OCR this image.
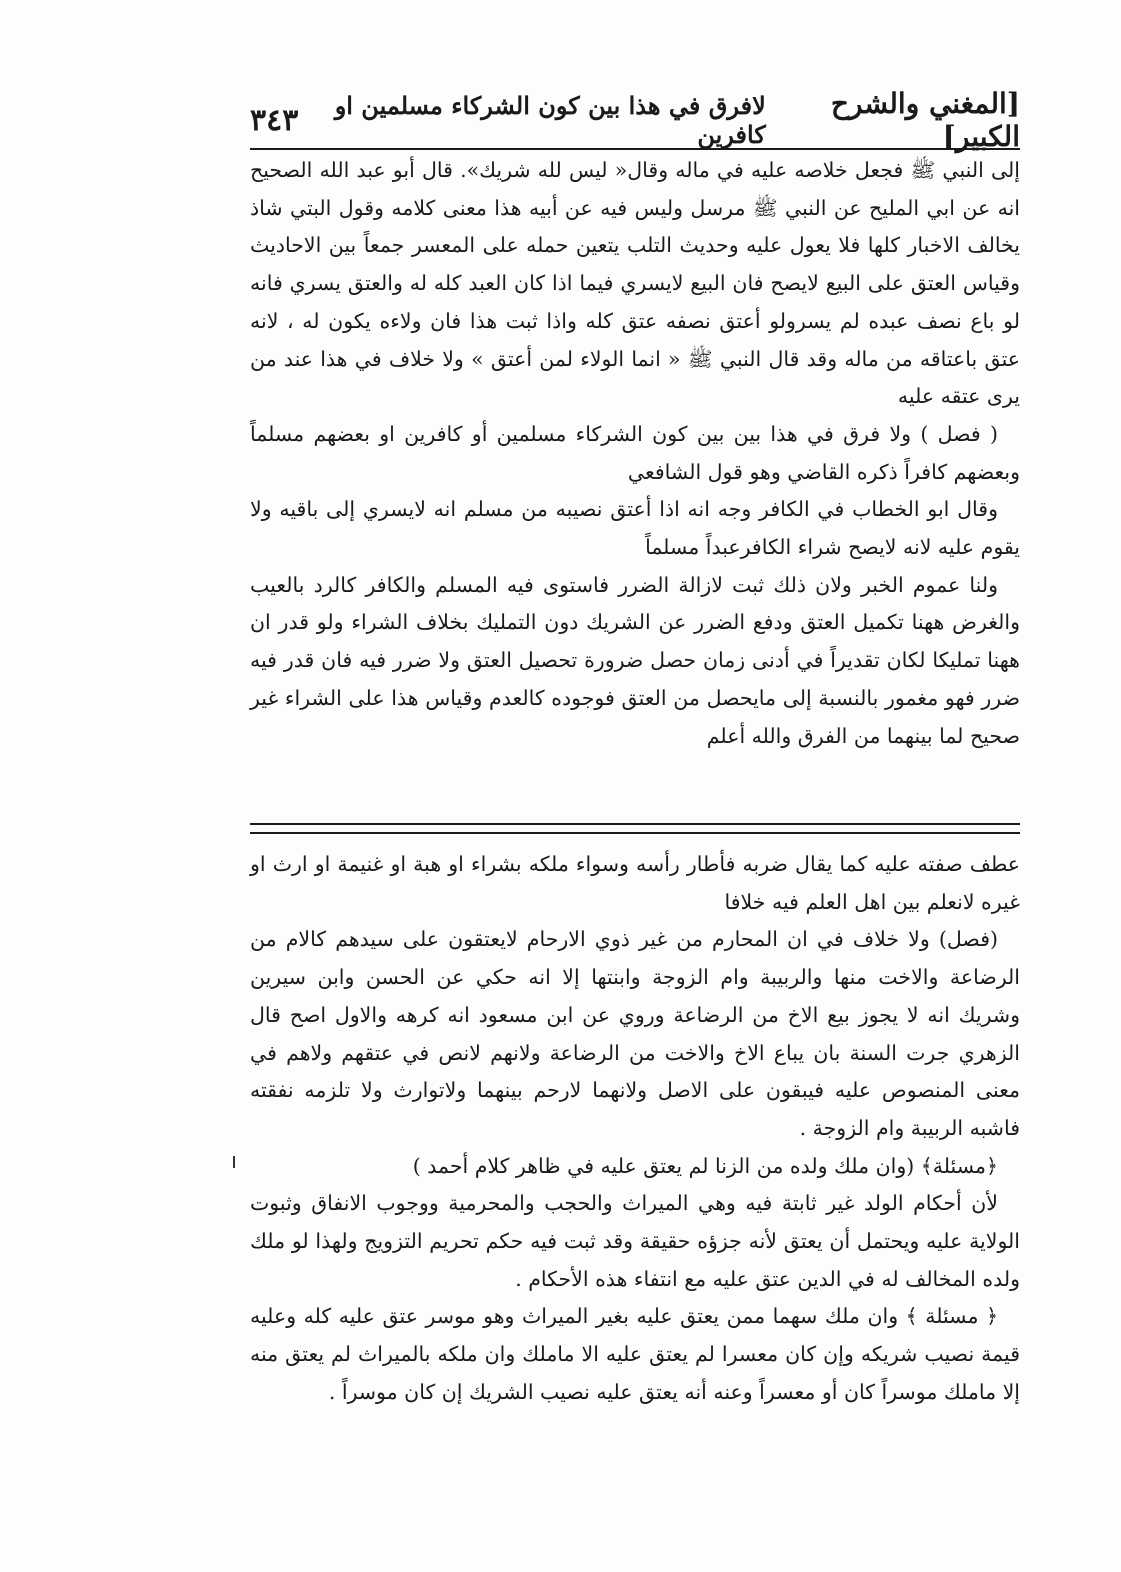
[المغني والشرح الكبير]
لافرق في هذا بين كون الشركاء مسلمين او كافرين
٣٤٣

إلى النبي ﷺ فجعل خلاصه عليه في ماله وقال« ليس لله شريك». قال أبو عبد الله الصحيح انه عن ابي المليح عن النبي ﷺ مرسل وليس فيه عن أبيه هذا معنى كلامه وقول البتي شاذ يخالف الاخبار كلها فلا يعول عليه وحديث التلب يتعين حمله على المعسر جمعاً بين الاحاديث وقياس العتق على البيع لايصح فان البيع لايسري فيما اذا كان العبد كله له والعتق يسري فانه لو باع نصف عبده لم يسرولو أعتق نصفه عتق كله واذا ثبت هذا فان ولاءه يكون له ، لانه عتق باعتاقه من ماله وقد قال النبي ﷺ « انما الولاء لمن أعتق » ولا خلاف في هذا عند من يرى عتقه عليه

( فصل ) ولا فرق في هذا بين بين كون الشركاء مسلمين أو كافرين او بعضهم مسلماً وبعضهم كافراً ذكره القاضي وهو قول الشافعي

وقال ابو الخطاب في الكافر وجه انه اذا أعتق نصيبه من مسلم انه لايسري إلى باقيه ولا يقوم عليه لانه لايصح شراء الكافرعبداً مسلماً

ولنا عموم الخبر ولان ذلك ثبت لازالة الضرر فاستوى فيه المسلم والكافر كالرد بالعيب والغرض ههنا تكميل العتق ودفع الضرر عن الشريك دون التمليك بخلاف الشراء ولو قدر ان ههنا تمليكا لكان تقديراً في أدنى زمان حصل ضرورة تحصيل العتق ولا ضرر فيه فان قدر فيه ضرر فهو مغمور بالنسبة إلى مايحصل من العتق فوجوده كالعدم وقياس هذا على الشراء غير صحيح لما بينهما من الفرق والله أعلم

عطف صفته عليه كما يقال ضربه فأطار رأسه وسواء ملكه بشراء او هبة او غنيمة او ارث او غيره لانعلم بين اهل العلم فيه خلافا

(فصل) ولا خلاف في ان المحارم من غير ذوي الارحام لايعتقون على سيدهم كالام من الرضاعة والاخت منها والربيبة وام الزوجة وابنتها إلا انه حكي عن الحسن وابن سيرين وشريك انه لا يجوز بيع الاخ من الرضاعة وروي عن ابن مسعود انه كرهه والاول اصح قال الزهري جرت السنة بان يباع الاخ والاخت من الرضاعة ولانهم لانص في عتقهم ولاهم في معنى المنصوص عليه فيبقون على الاصل ولانهما لارحم بينهما ولاتوارث ولا تلزمه نفقته فاشبه الربيبة وام الزوجة .

﴿مسئلة﴾ (وان ملك ولده من الزنا لم يعتق عليه في ظاهر كلام أحمد )

لأن أحكام الولد غير ثابتة فيه وهي الميراث والحجب والمحرمية ووجوب الانفاق وثبوت الولاية عليه ويحتمل أن يعتق لأنه جزؤه حقيقة وقد ثبت فيه حكم تحريم التزويج ولهذا لو ملك ولده المخالف له في الدين عتق عليه مع انتفاء هذه الأحكام .

﴿ مسئلة ﴾ وان ملك سهما ممن يعتق عليه بغير الميراث وهو موسر عتق عليه كله وعليه قيمة نصيب شريكه وإن كان معسرا لم يعتق عليه الا ماملك وان ملكه بالميراث لم يعتق منه إلا ماملك موسراً كان أو معسراً وعنه أنه يعتق عليه نصيب الشريك إن كان موسراً .
